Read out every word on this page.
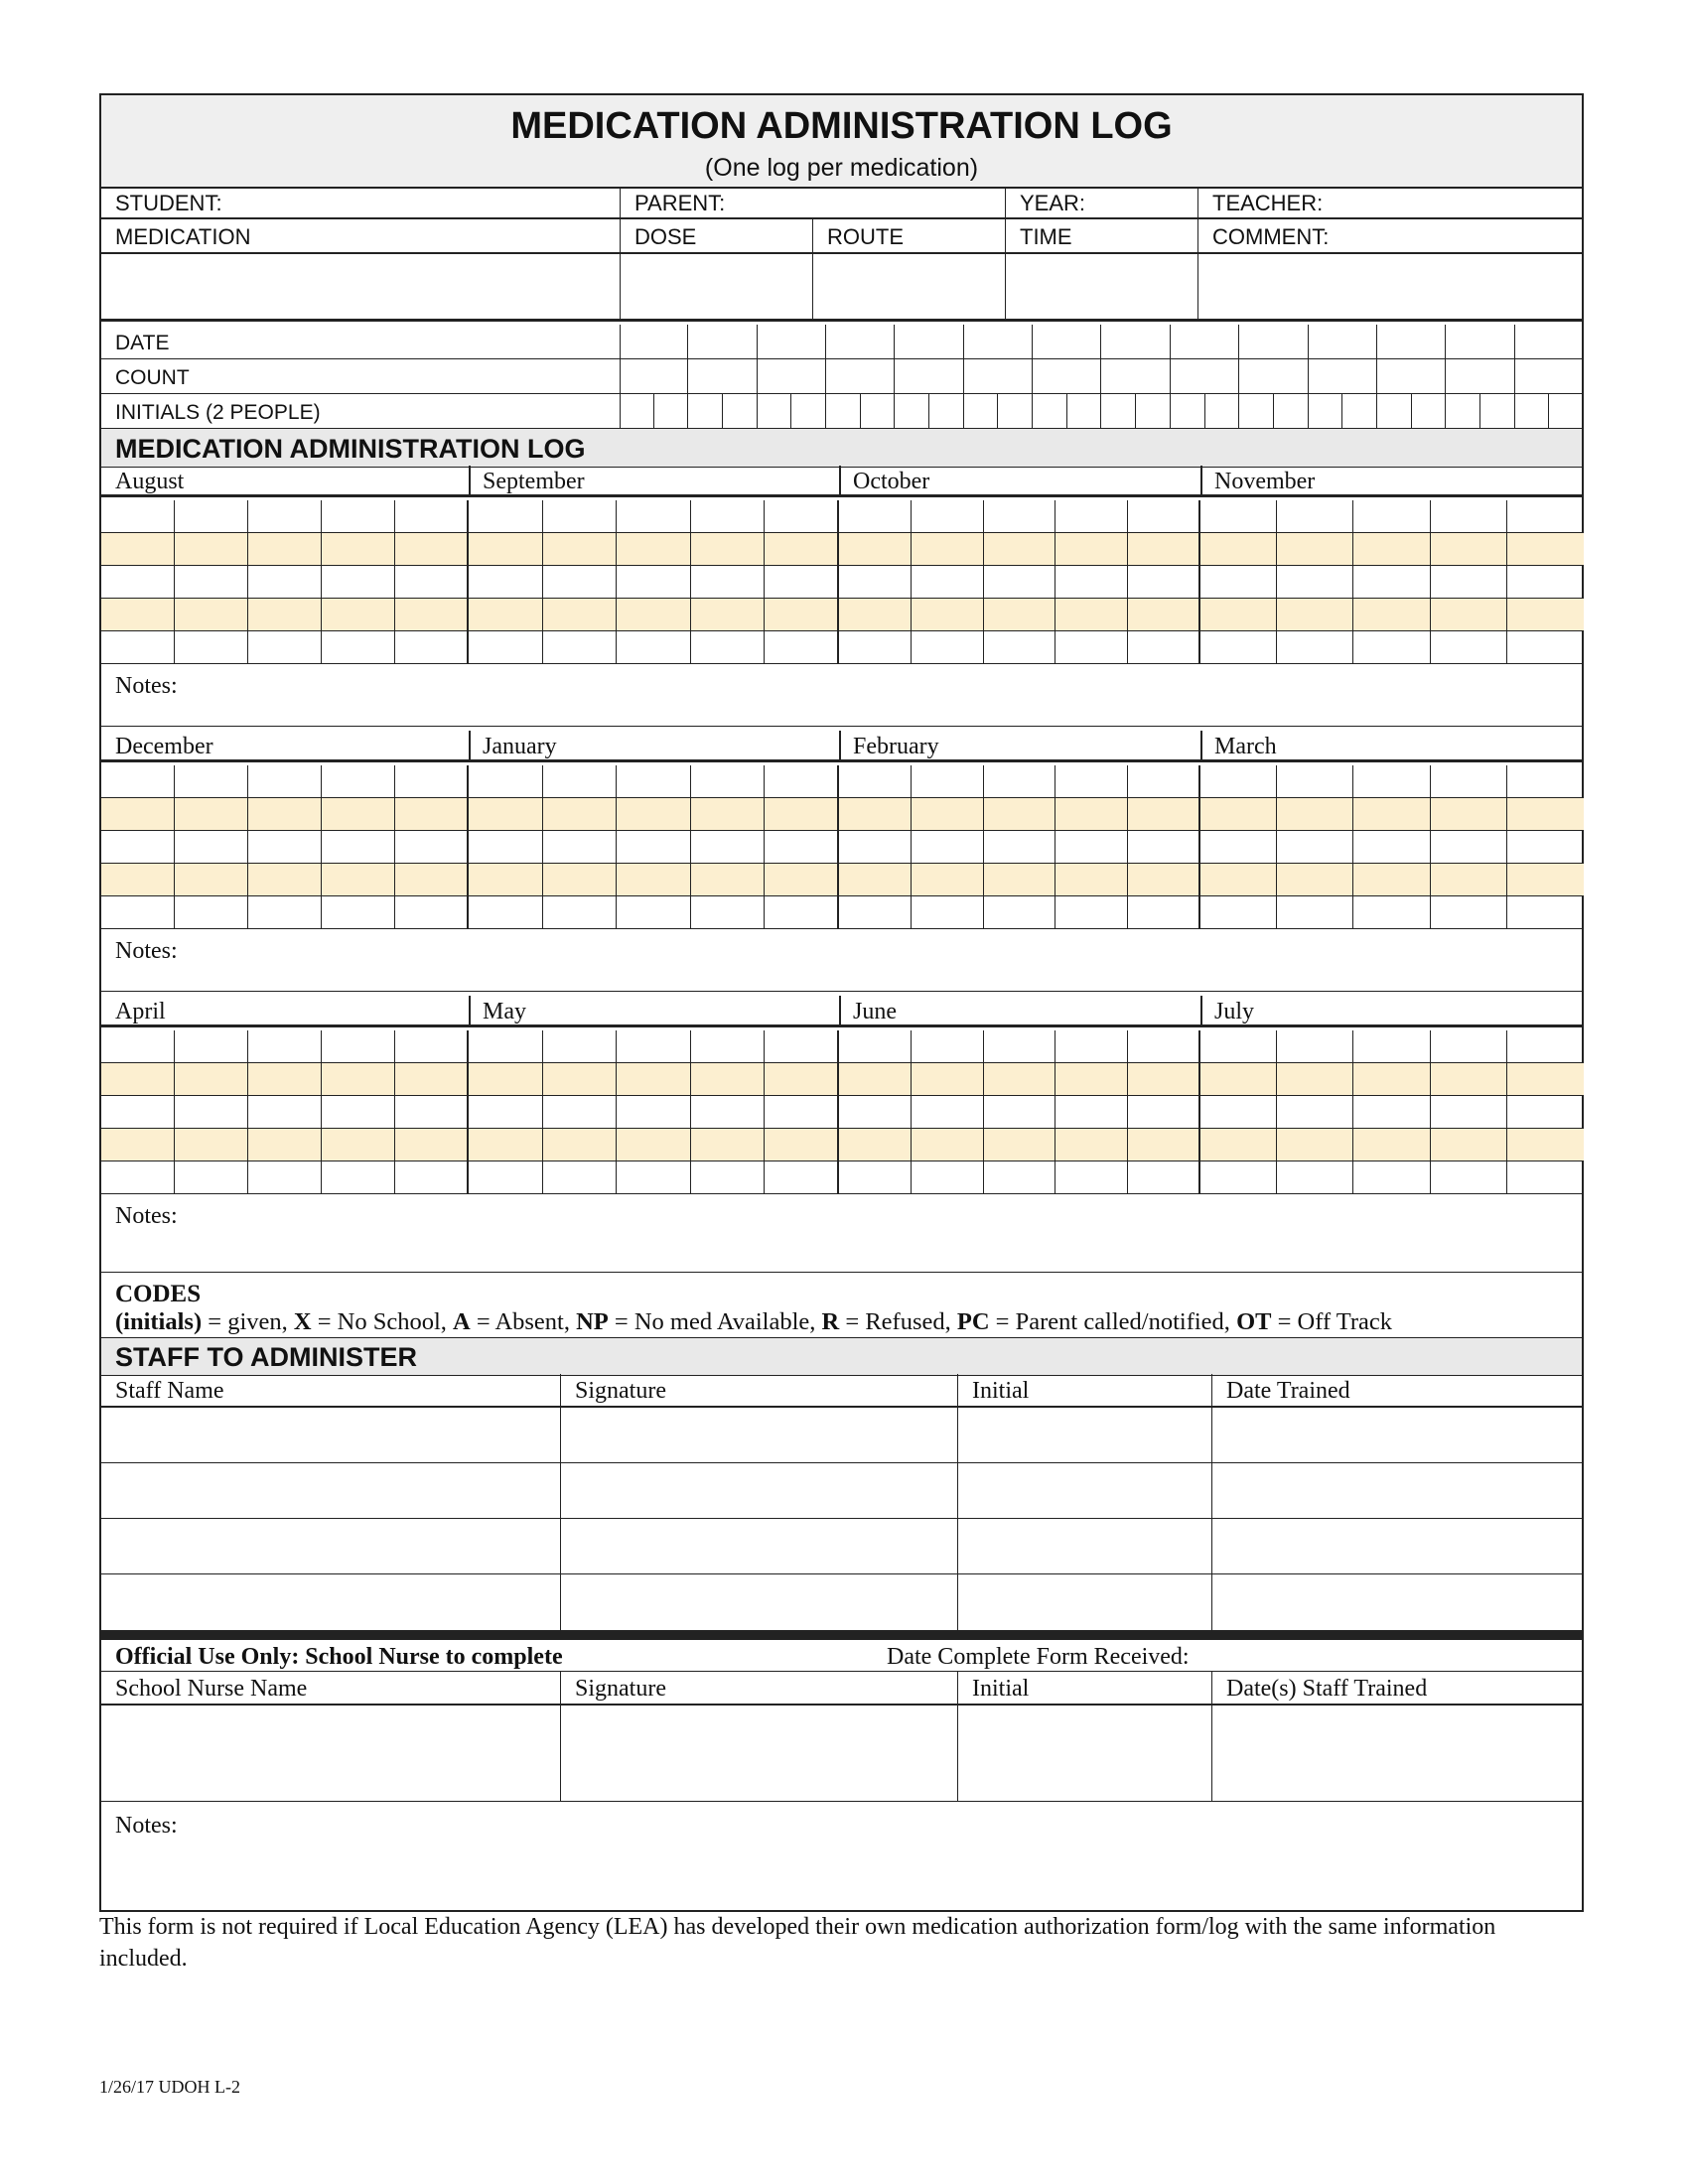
MEDICATION ADMINISTRATION LOG
(One log per medication)
STUDENT:	PARENT:	YEAR:	TEACHER:
MEDICATION	DOSE	ROUTE	TIME	COMMENT:
DATE
COUNT
INITIALS (2 PEOPLE)
MEDICATION ADMINISTRATION LOG
August	September	October	November
Notes:
December	January	February	March
Notes:
April	May	June	July
Notes:
CODES
(initials) = given, X = No School, A = Absent, NP = No med Available, R = Refused, PC = Parent called/notified, OT = Off Track
STAFF TO ADMINISTER
Staff Name	Signature	Initial	Date Trained
Official Use Only: School Nurse to complete	Date Complete Form Received:
School Nurse Name	Signature	Initial	Date(s) Staff Trained
Notes:
This form is not required if Local Education Agency (LEA) has developed their own medication authorization form/log with the same information included.
1/26/17 UDOH L-2
